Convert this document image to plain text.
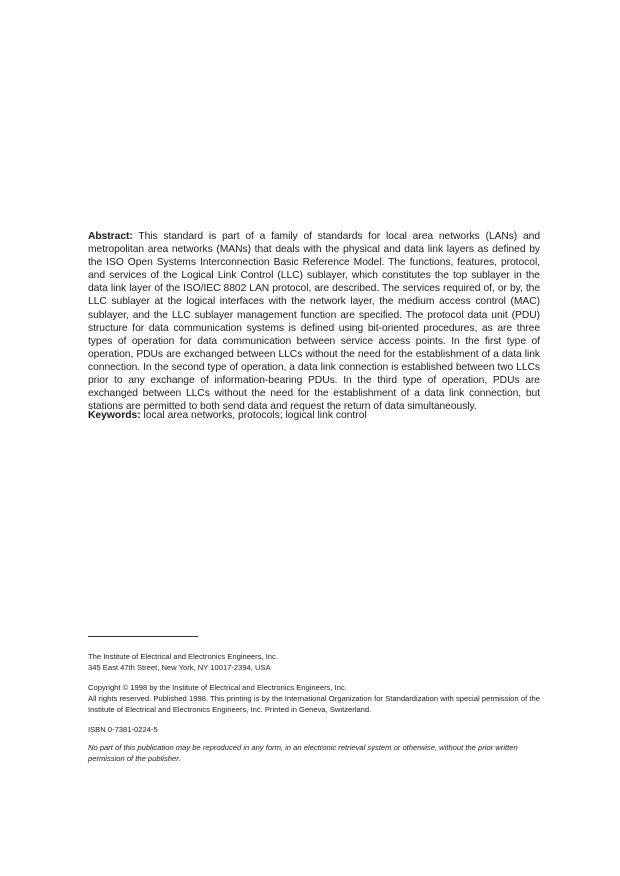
Abstract: This standard is part of a family of standards for local area networks (LANs) and metropolitan area networks (MANs) that deals with the physical and data link layers as defined by the ISO Open Systems Interconnection Basic Reference Model. The functions, features, protocol, and services of the Logical Link Control (LLC) sublayer, which constitutes the top sublayer in the data link layer of the ISO/IEC 8802 LAN protocol, are described. The services required of, or by, the LLC sublayer at the logical interfaces with the network layer, the medium access control (MAC) sublayer, and the LLC sublayer management function are specified. The protocol data unit (PDU) structure for data communication systems is defined using bit-oriented procedures, as are three types of operation for data communication between service access points. In the first type of operation, PDUs are exchanged between LLCs without the need for the establishment of a data link connection. In the second type of operation, a data link connection is established between two LLCs prior to any exchange of information-bearing PDUs. In the third type of operation, PDUs are exchanged between LLCs without the need for the establishment of a data link connection, but stations are permitted to both send data and request the return of data simultaneously.

Keywords: local area networks, protocols; logical link control

The Institute of Electrical and Electronics Engineers, Inc.
345 East 47th Street, New York, NY 10017-2394, USA

Copyright © 1998 by the Institute of Electrical and Electronics Engineers, Inc.

All rights reserved. Published 1998. This printing is by the International Organization for Standardization with special permission of the Institute of Electrical and Electronics Engineers, Inc. Printed in Geneva, Switzerland.

ISBN 0-7381-0224-5

No part of this publication may be reproduced in any form, in an electronic retrieval system or otherwise, without the prior written permission of the publisher.
